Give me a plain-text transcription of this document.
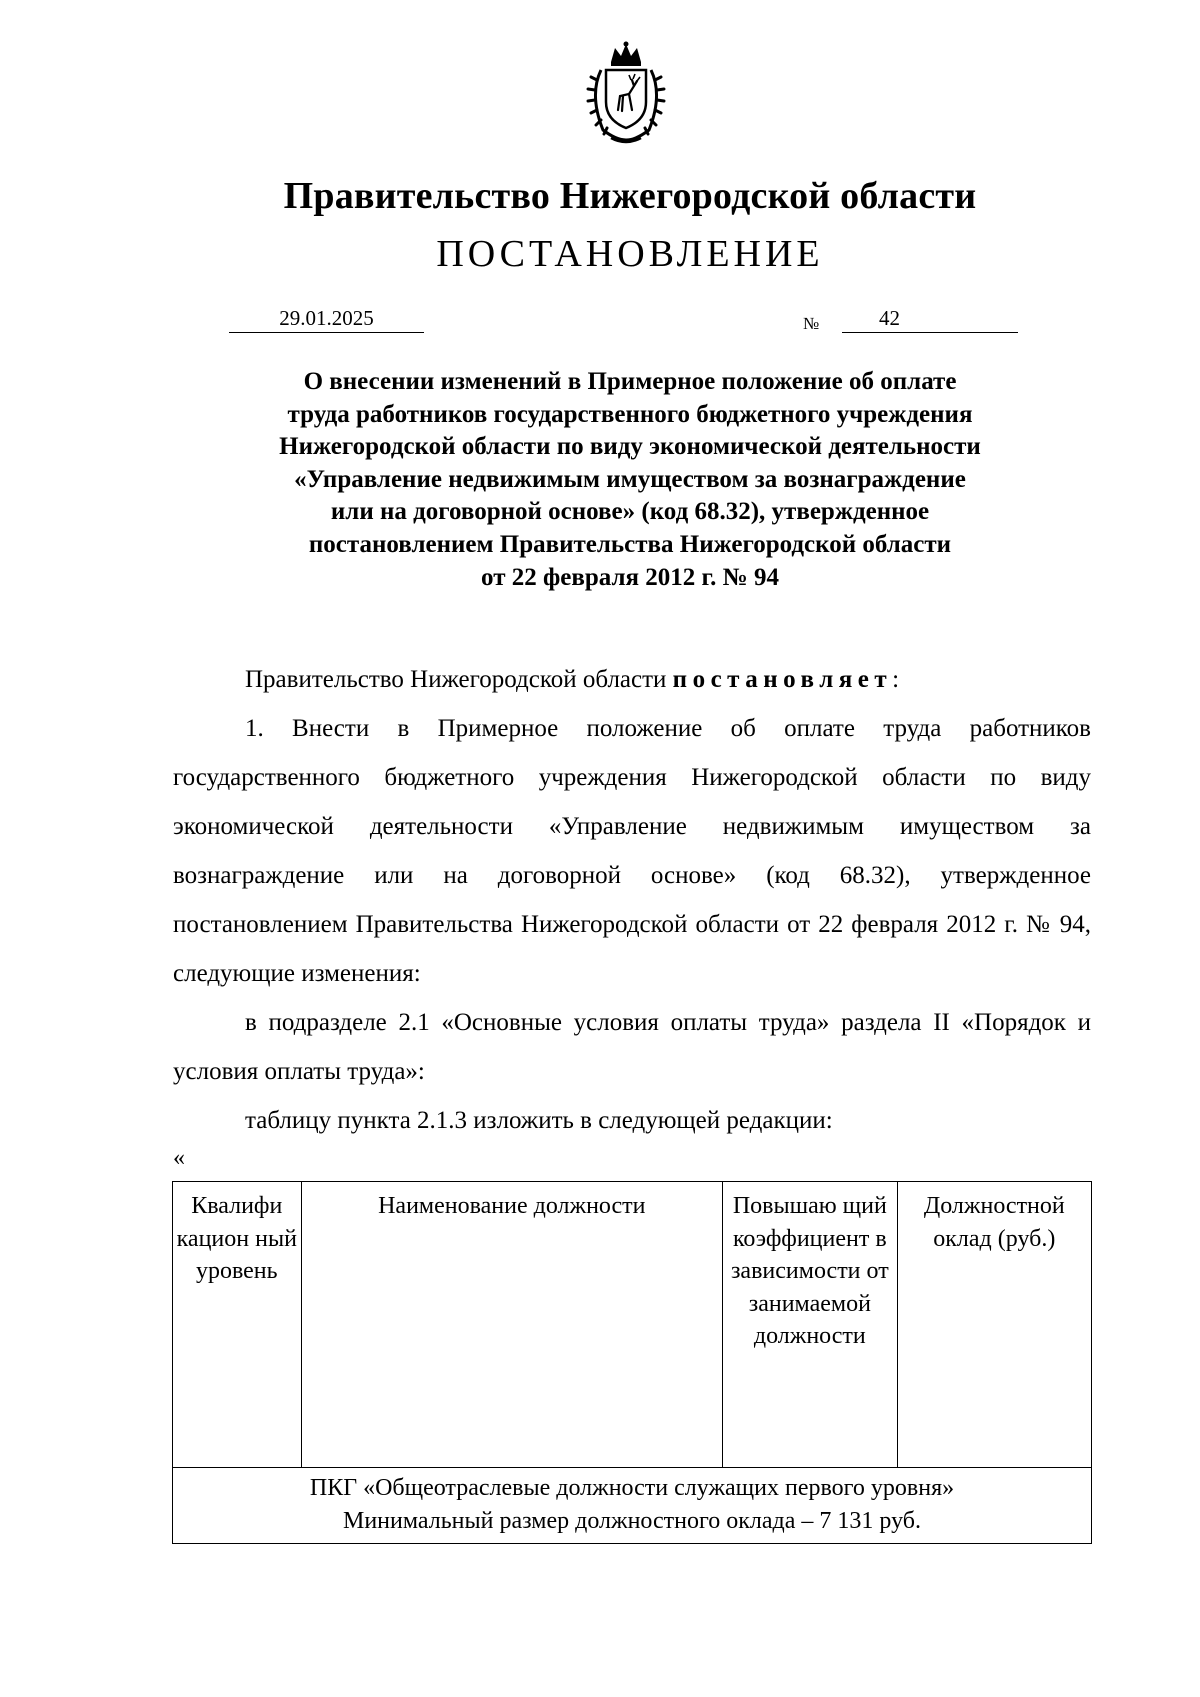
Правительство Нижегородской области
ПОСТАНОВЛЕНИЕ
29.01.2025	№	42
О внесении изменений в Примерное положение об оплате
труда работников государственного бюджетного учреждения
Нижегородской области по виду экономической деятельности
«Управление недвижимым имуществом за вознаграждение
или на договорной основе» (код 68.32), утвержденное
постановлением Правительства Нижегородской области
от 22 февраля 2012 г. № 94
Правительство Нижегородской области постановляет:
1. Внести в Примерное положение об оплате труда работников государственного бюджетного учреждения Нижегородской области по виду экономической деятельности «Управление недвижимым имуществом за вознаграждение или на договорной основе» (код 68.32), утвержденное постановлением Правительства Нижегородской области от 22 февраля 2012 г. № 94, следующие изменения:
в подразделе 2.1 «Основные условия оплаты труда» раздела II «Порядок и условия оплаты труда»:
таблицу пункта 2.1.3 изложить в следующей редакции:
«
Квалифи кацион ный уровень	Наименование должности	Повышаю щий коэффициент в зависимости от занимаемой должности	Должностной оклад (руб.)

ПКГ «Общеотраслевые должности служащих первого уровня»
Минимальный размер должностного оклада – 7 131 руб.
